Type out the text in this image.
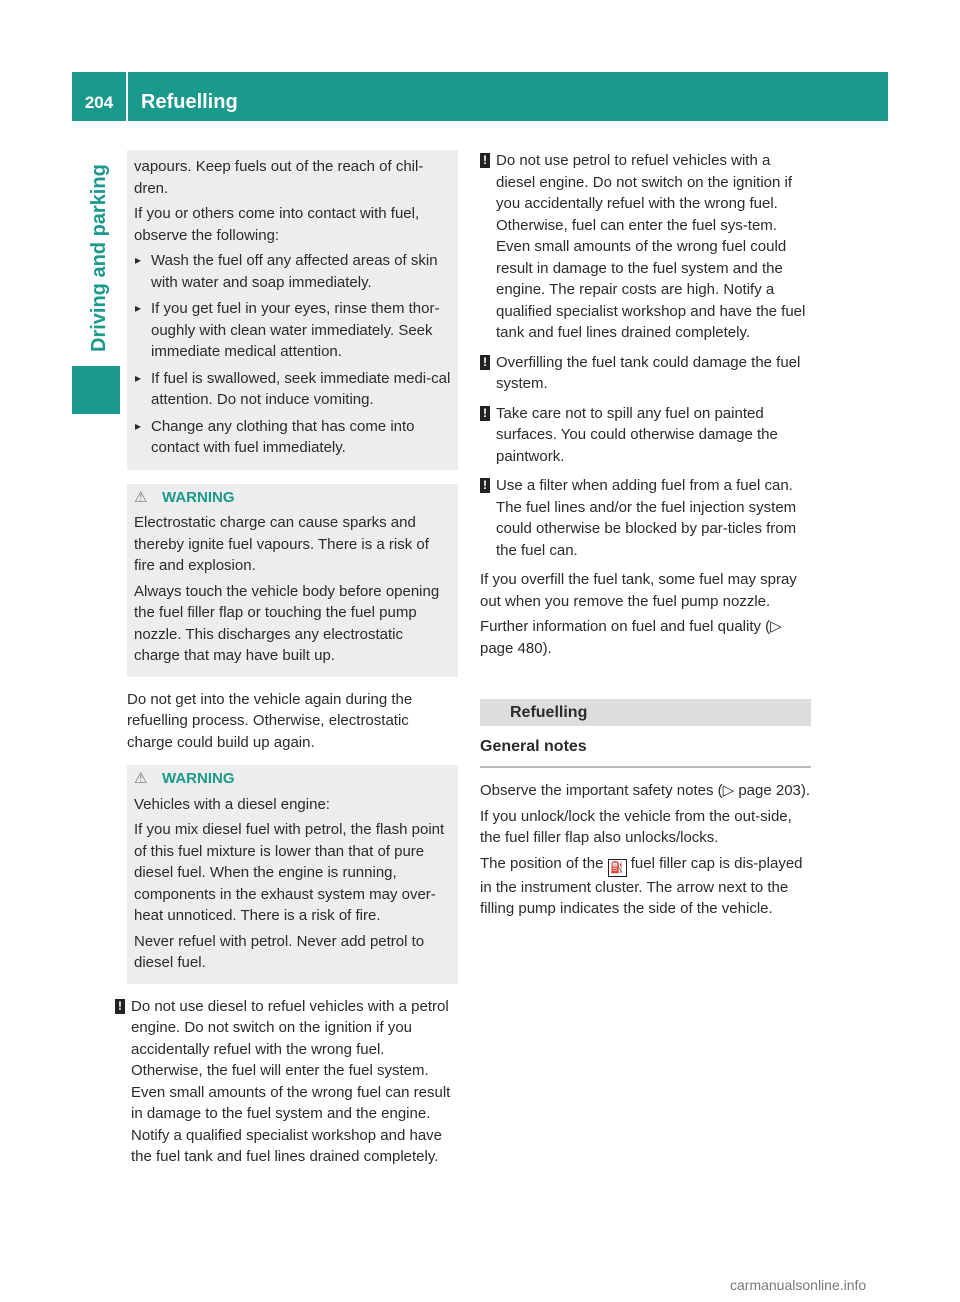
204	Refuelling
Driving and parking vapours. Keep fuels out of the reach of chil-dren.

If you or others come into contact with fuel, observe the following:

▸ Wash the fuel off any affected areas of skin with water and soap immediately.
▸ If you get fuel in your eyes, rinse them thor-oughly with clean water immediately. Seek immediate medical attention.
▸ If fuel is swallowed, seek immediate medi-cal attention. Do not induce vomiting.
▸ Change any clothing that has come into contact with fuel immediately.
⚠ WARNING

Electrostatic charge can cause sparks and thereby ignite fuel vapours. There is a risk of fire and explosion.

Always touch the vehicle body before opening the fuel filler flap or touching the fuel pump nozzle. This discharges any electrostatic charge that may have built up.

Do not get into the vehicle again during the refuelling process. Otherwise, electrostatic charge could build up again.

⚠ WARNING

Vehicles with a diesel engine:

If you mix diesel fuel with petrol, the flash point of this fuel mixture is lower than that of pure diesel fuel. When the engine is running, components in the exhaust system may over-heat unnoticed. There is a risk of fire.

Never refuel with petrol. Never add petrol to diesel fuel.

! Do not use diesel to refuel vehicles with a petrol engine. Do not switch on the ignition if you accidentally refuel with the wrong fuel. Otherwise, the fuel will enter the fuel system. Even small amounts of the wrong fuel can result in damage to the fuel system and the engine. Notify a qualified specialist workshop and have the fuel tank and fuel lines drained completely.

! Do not use petrol to refuel vehicles with a diesel engine. Do not switch on the ignition if you accidentally refuel with the wrong fuel. Otherwise, fuel can enter the fuel sys-tem. Even small amounts of the wrong fuel could result in damage to the fuel system and the engine. The repair costs are high. Notify a qualified specialist workshop and have the fuel tank and fuel lines drained completely.

! Overfilling the fuel tank could damage the fuel system.

! Take care not to spill any fuel on painted surfaces. You could otherwise damage the paintwork.

! Use a filter when adding fuel from a fuel can. The fuel lines and/or the fuel injection system could otherwise be blocked by par-ticles from the fuel can.

If you overfill the fuel tank, some fuel may spray out when you remove the fuel pump nozzle.

Further information on fuel and fuel quality (▷ page 480).

Refuelling
General notes

Observe the important safety notes (▷ page 203).

If you unlock/lock the vehicle from the out-side, the fuel filler flap also unlocks/locks.

The position of the ⛽ fuel filler cap is dis-played in the instrument cluster. The arrow next to the filling pump indicates the side of the vehicle.

carmanualsonline.info
